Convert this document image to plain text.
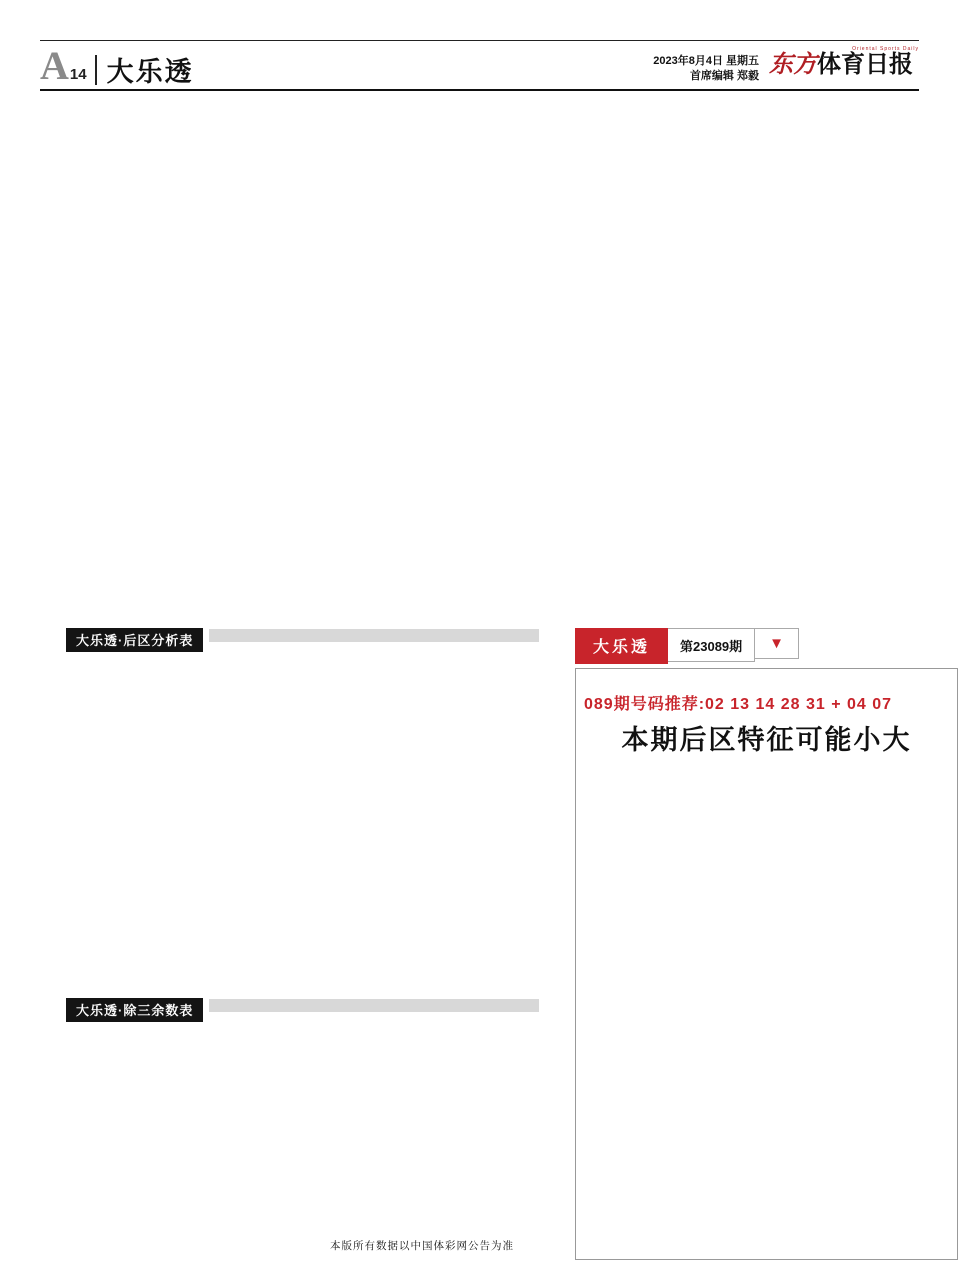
A14 大乐透	2023年8月4日 星期五
首席编辑 郑毅
Oriental Sports Daily
东方体育日报
大乐透·后区分析表
大乐透·除三余数表
大乐透 第23089期 ▼
089期号码推荐:02 13 14 28 31 + 04 07
本期后区特征可能小大
本版所有数据以中国体彩网公告为准
